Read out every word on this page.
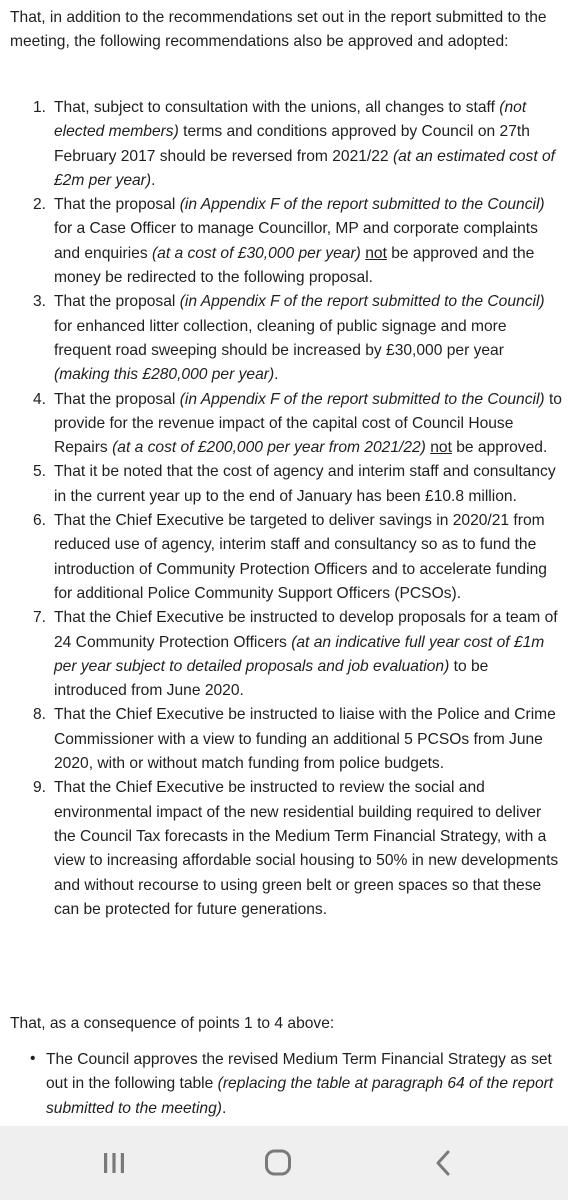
That, in addition to the recommendations set out in the report submitted to the meeting, the following recommendations also be approved and adopted:

1. That, subject to consultation with the unions, all changes to staff (not elected members) terms and conditions approved by Council on 27th February 2017 should be reversed from 2021/22 (at an estimated cost of £2m per year).
2. That the proposal (in Appendix F of the report submitted to the Council) for a Case Officer to manage Councillor, MP and corporate complaints and enquiries (at a cost of £30,000 per year) not be approved and the money be redirected to the following proposal.
3. That the proposal (in Appendix F of the report submitted to the Council) for enhanced litter collection, cleaning of public signage and more frequent road sweeping should be increased by £30,000 per year (making this £280,000 per year).
4. That the proposal (in Appendix F of the report submitted to the Council) to provide for the revenue impact of the capital cost of Council House Repairs (at a cost of £200,000 per year from 2021/22) not be approved.
5. That it be noted that the cost of agency and interim staff and consultancy in the current year up to the end of January has been £10.8 million.
6. That the Chief Executive be targeted to deliver savings in 2020/21 from reduced use of agency, interim staff and consultancy so as to fund the introduction of Community Protection Officers and to accelerate funding for additional Police Community Support Officers (PCSOs).
7. That the Chief Executive be instructed to develop proposals for a team of 24 Community Protection Officers (at an indicative full year cost of £1m per year subject to detailed proposals and job evaluation) to be introduced from June 2020.
8. That the Chief Executive be instructed to liaise with the Police and Crime Commissioner with a view to funding an additional 5 PCSOs from June 2020, with or without match funding from police budgets.
9. That the Chief Executive be instructed to review the social and environmental impact of the new residential building required to deliver the Council Tax forecasts in the Medium Term Financial Strategy, with a view to increasing affordable social housing to 50% in new developments and without recourse to using green belt or green spaces so that these can be protected for future generations.

That, as a consequence of points 1 to 4 above:

• The Council approves the revised Medium Term Financial Strategy as set out in the following table (replacing the table at paragraph 64 of the report submitted to the meeting).
